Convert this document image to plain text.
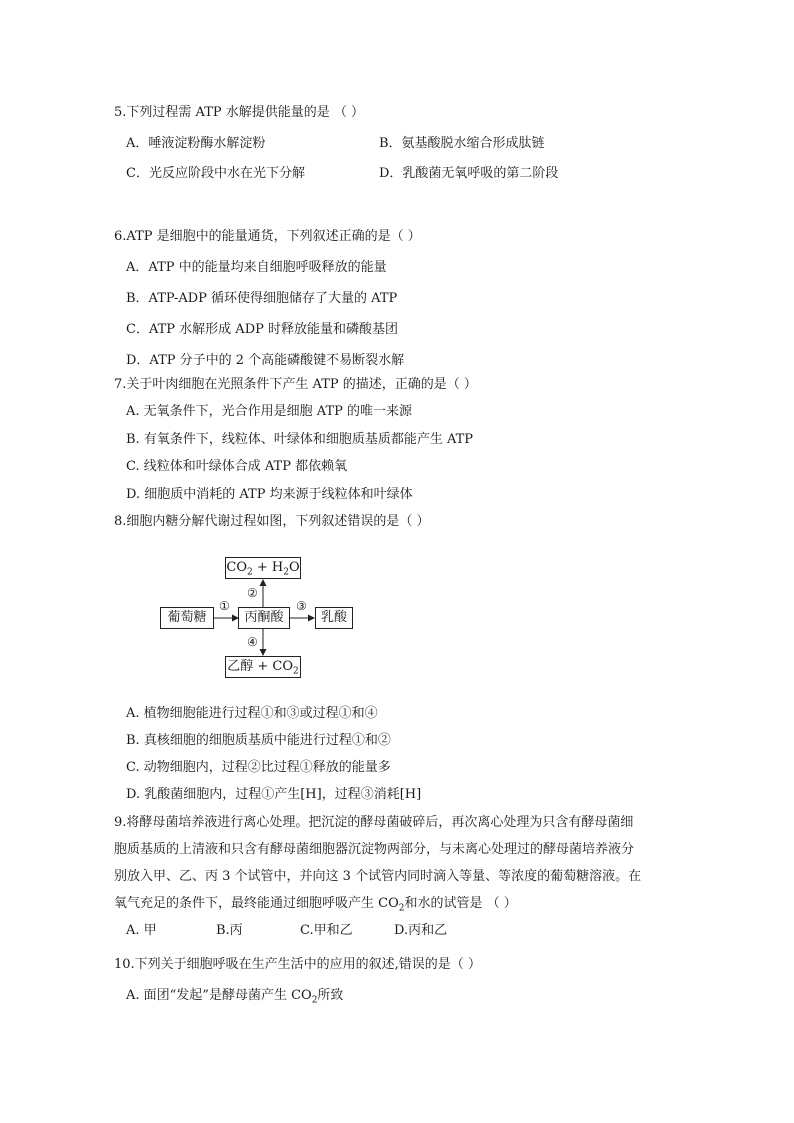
5.下列过程需 ATP 水解提供能量的是 （ ）
A．唾液淀粉酶水解淀粉	B．氨基酸脱水缩合形成肽链
C．光反应阶段中水在光下分解	D．乳酸菌无氧呼吸的第二阶段
6.ATP 是细胞中的能量通货，下列叙述正确的是（ ）
A．ATP 中的能量均来自细胞呼吸释放的能量
B．ATP-ADP 循环使得细胞储存了大量的 ATP
C．ATP 水解形成 ADP 时释放能量和磷酸基团
D．ATP 分子中的 2 个高能磷酸键不易断裂水解
7.关于叶肉细胞在光照条件下产生 ATP 的描述，正确的是（ ）
A. 无氧条件下，光合作用是细胞 ATP 的唯一来源
B. 有氧条件下，线粒体、叶绿体和细胞质基质都能产生 ATP
C. 线粒体和叶绿体合成 ATP 都依赖氧
D. 细胞质中消耗的 ATP 均来源于线粒体和叶绿体
8.细胞内糖分解代谢过程如图，下列叙述错误的是（ ）
$CO_2 + H_2O$
葡萄糖	丙酮酸	乳酸
乙醇 + $CO_2$
①
②
③
④
A. 植物细胞能进行过程①和③或过程①和④
B. 真核细胞的细胞质基质中能进行过程①和②
C. 动物细胞内，过程②比过程①释放的能量多
D. 乳酸菌细胞内，过程①产生[H]，过程③消耗[H]
9.将酵母菌培养液进行离心处理。把沉淀的酵母菌破碎后，再次离心处理为只含有酵母菌细
胞质基质的上清液和只含有酵母菌细胞器沉淀物两部分，与未离心处理过的酵母菌培养液分
别放入甲、乙、丙 3 个试管中，并向这 3 个试管内同时滴入等量、等浓度的葡萄糖溶液。在
氧气充足的条件下，最终能通过细胞呼吸产生 $CO_2$和水的试管是 （ ）
A. 甲	B.丙	C.甲和乙	D.丙和乙
10.下列关于细胞呼吸在生产生活中的应用的叙述,错误的是（ ）
A. 面团“发起”是酵母菌产生 $CO_2$所致
